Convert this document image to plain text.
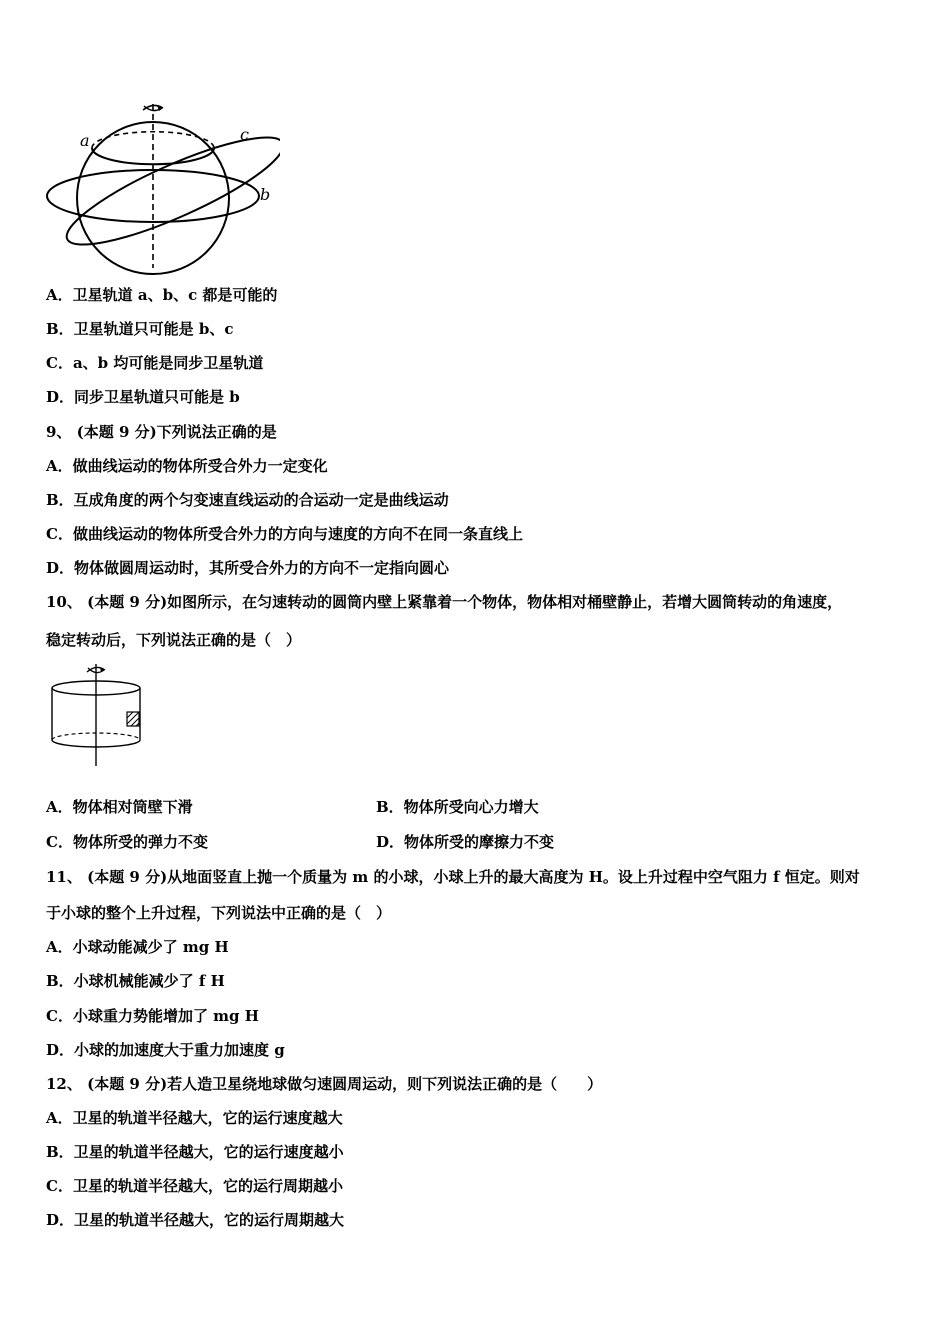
a	c
b
A．卫星轨道 a、b、c 都是可能的
B．卫星轨道只可能是 b、c
C．a、b 均可能是同步卫星轨道
D．同步卫星轨道只可能是 b
9、 (本题 9 分)下列说法正确的是
A．做曲线运动的物体所受合外力一定变化
B．互成角度的两个匀变速直线运动的合运动一定是曲线运动
C．做曲线运动的物体所受合外力的方向与速度的方向不在同一条直线上
D．物体做圆周运动时，其所受合外力的方向不一定指向圆心
10、 (本题 9 分)如图所示，在匀速转动的圆筒内壁上紧靠着一个物体，物体相对桶壁静止，若增大圆筒转动的角速度，
稳定转动后，下列说法正确的是（　）
A．物体相对筒壁下滑	B．物体所受向心力增大
C．物体所受的弹力不变	D．物体所受的摩擦力不变
11、 (本题 9 分)从地面竖直上抛一个质量为 m 的小球，小球上升的最大高度为 H。设上升过程中空气阻力 f 恒定。则对
于小球的整个上升过程，下列说法中正确的是（　）
A．小球动能减少了 mg H
B．小球机械能减少了 f H
C．小球重力势能增加了 mg H
D．小球的加速度大于重力加速度 g
12、 (本题 9 分)若人造卫星绕地球做匀速圆周运动，则下列说法正确的是（　　）
A．卫星的轨道半径越大，它的运行速度越大
B．卫星的轨道半径越大，它的运行速度越小
C．卫星的轨道半径越大，它的运行周期越小
D．卫星的轨道半径越大，它的运行周期越大
